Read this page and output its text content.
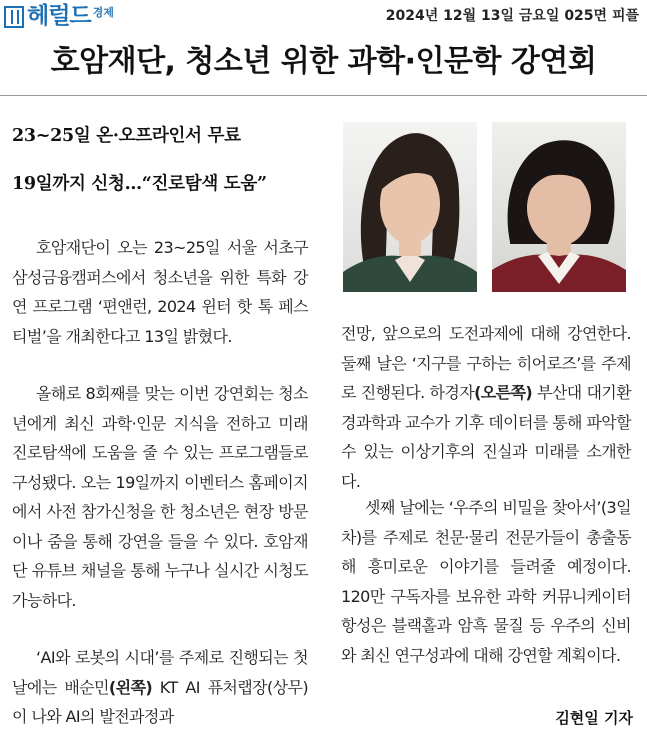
헤럴드 경제	2024년 12월 13일 금요일 025면 피플
호암재단, 청소년 위한 과학·인문학 강연회
23~25일 온·오프라인서 무료
19일까지 신청…“진로탐색 도움”
호암재단이 오는 23~25일 서울 서초구 삼성금융캠퍼스에서 청소년을 위한 특화 강연 프로그램 ‘편앤런, 2024 윈터 핫 톡 페스티벌’을 개최한다고 13일 밝혔다.
올해로 8회째를 맞는 이번 강연회는 청소년에게 최신 과학·인문 지식을 전하고 미래 진로탐색에 도움을 줄 수 있는 프로그램들로 구성됐다. 오는 19일까지 이벤터스 홈페이지에서 사전 참가신청을 한 청소년은 현장 방문이나 줌을 통해 강연을 들을 수 있다. 호암재단 유튜브 채널을 통해 누구나 실시간 시청도 가능하다.
‘AI와 로봇의 시대’를 주제로 진행되는 첫날에는 배순민(왼쪽) KT AI 퓨처랩장(상무)이 나와 AI의 발전과정과
전망, 앞으로의 도전과제에 대해 강연한다. 둘째 날은 ‘지구를 구하는 히어로즈’를 주제로 진행된다. 하경자(오른쪽) 부산대 대기환경과학과 교수가 기후 데이터를 통해 파악할 수 있는 이상기후의 진실과 미래를 소개한다.
셋째 날에는 ‘우주의 비밀을 찾아서’(3일차)를 주제로 천문·물리 전문가들이 총출동해 흥미로운 이야기를 들려줄 예정이다. 120만 구독자를 보유한 과학 커뮤니케이터 항성은 블랙홀과 암흑 물질 등 우주의 신비와 최신 연구성과에 대해 강연할 계획이다.
김현일 기자
